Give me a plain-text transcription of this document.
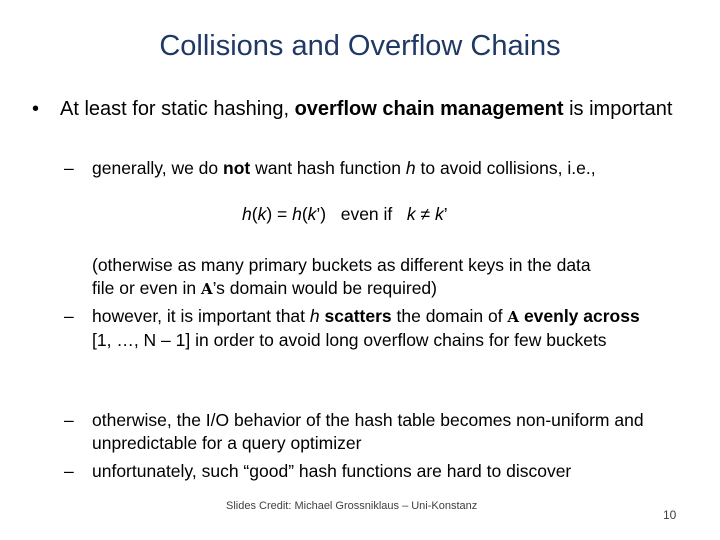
Collisions and Overflow Chains
• At least for static hashing, overflow chain management is important
– generally, we do not want hash function h to avoid collisions, i.e.,
h(k) = h(k’)   even if k ≠ k’
(otherwise as many primary buckets as different keys in the data
file or even in A’s domain would be required)
– however, it is important that h scatters the domain of A evenly across
[1, …, N – 1] in order to avoid long overflow chains for few buckets
– otherwise, the I/O behavior of the hash table becomes non-uniform and unpredictable for a query optimizer
– unfortunately, such “good” hash functions are hard to discover
Slides Credit: Michael Grossniklaus – Uni-Konstanz
10
